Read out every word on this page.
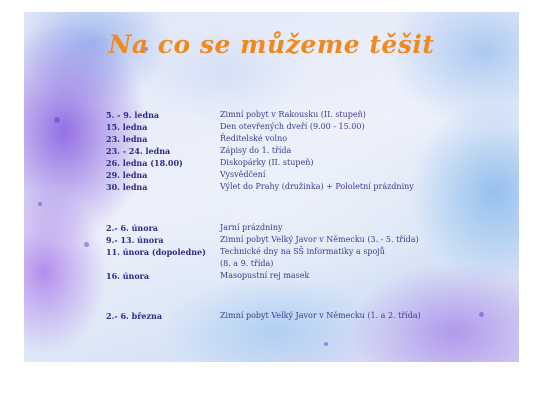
Na co se můžeme těšit
5. - 9. ledna	Zimní pobyt v Rakousku (II. stupeň)
15. ledna	Den otevřených dveří (9.00 - 15.00)
23. ledna	Ředitelské volno
23. - 24. ledna	Zápisy do 1. třída
26. ledna (18.00)	Diskopárky (II. stupeň)
29. ledna	Vysvědčení
30. ledna	Výlet do Prahy (družinka) + Pololetní prázdniny
2.- 6. února	Jarní prázdniny
9.- 13. února	Zimní pobyt Velký Javor v Německu (3. - 5. třída)
11. února (dopoledne)	Technické dny na SŠ informatiky a spojů
(8. a 9. třída)
16. února	Masopustní rej masek
2.- 6. března	Zimní pobyt Velký Javor v Německu (1. a 2. třída)
